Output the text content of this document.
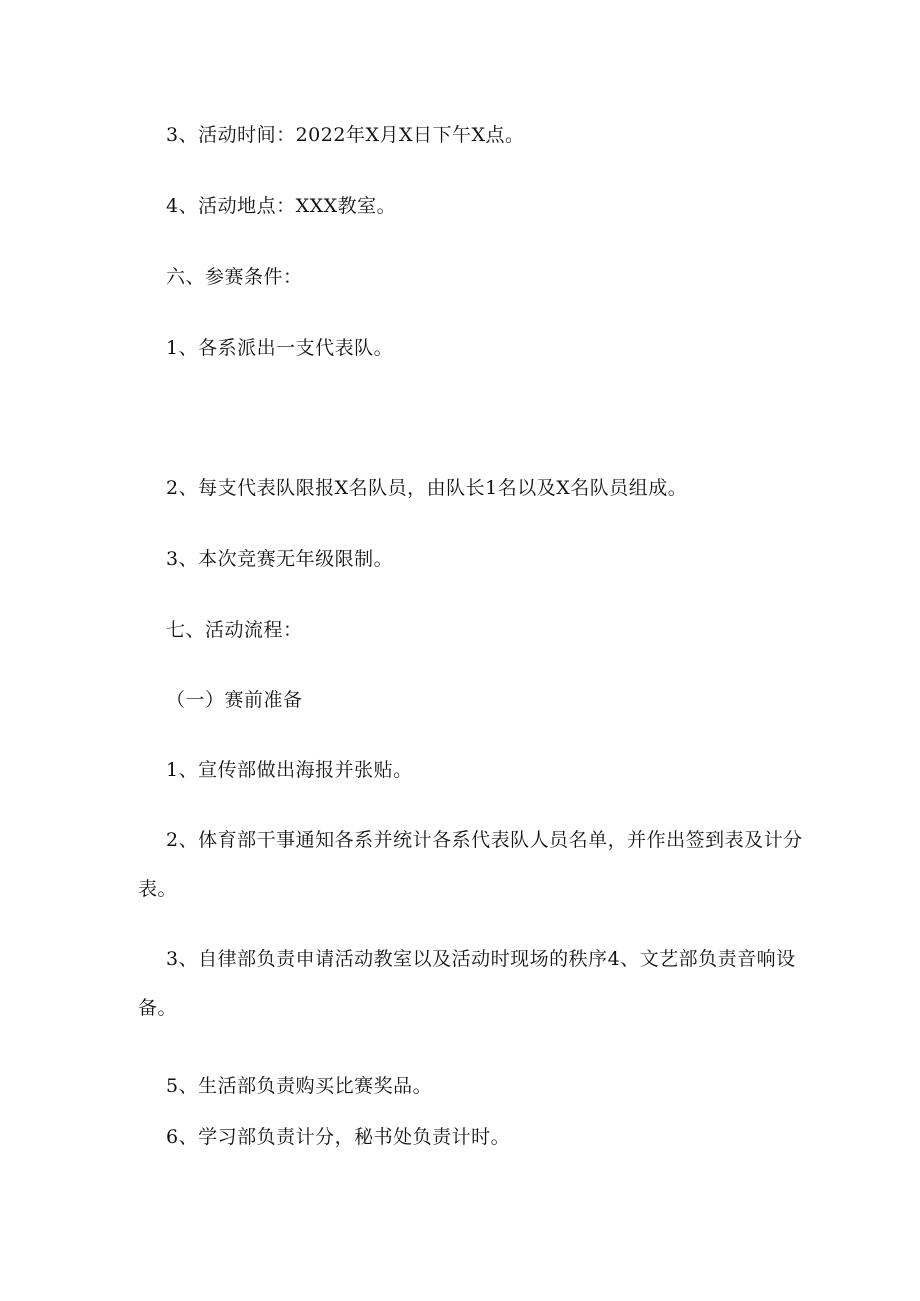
3、活动时间：2022年X月X日下午X点。
4、活动地点：XXX教室。
六、参赛条件：
1、各系派出一支代表队。
2、每支代表队限报X名队员，由队长1名以及X名队员组成。
3、本次竞赛无年级限制。
七、活动流程：
（一）赛前准备
1、宣传部做出海报并张贴。
2、体育部干事通知各系并统计各系代表队人员名单，并作出签到表及计分
表。
3、自律部负责申请活动教室以及活动时现场的秩序4、文艺部负责音响设
备。
5、生活部负责购买比赛奖品。
6、学习部负责计分，秘书处负责计时。
